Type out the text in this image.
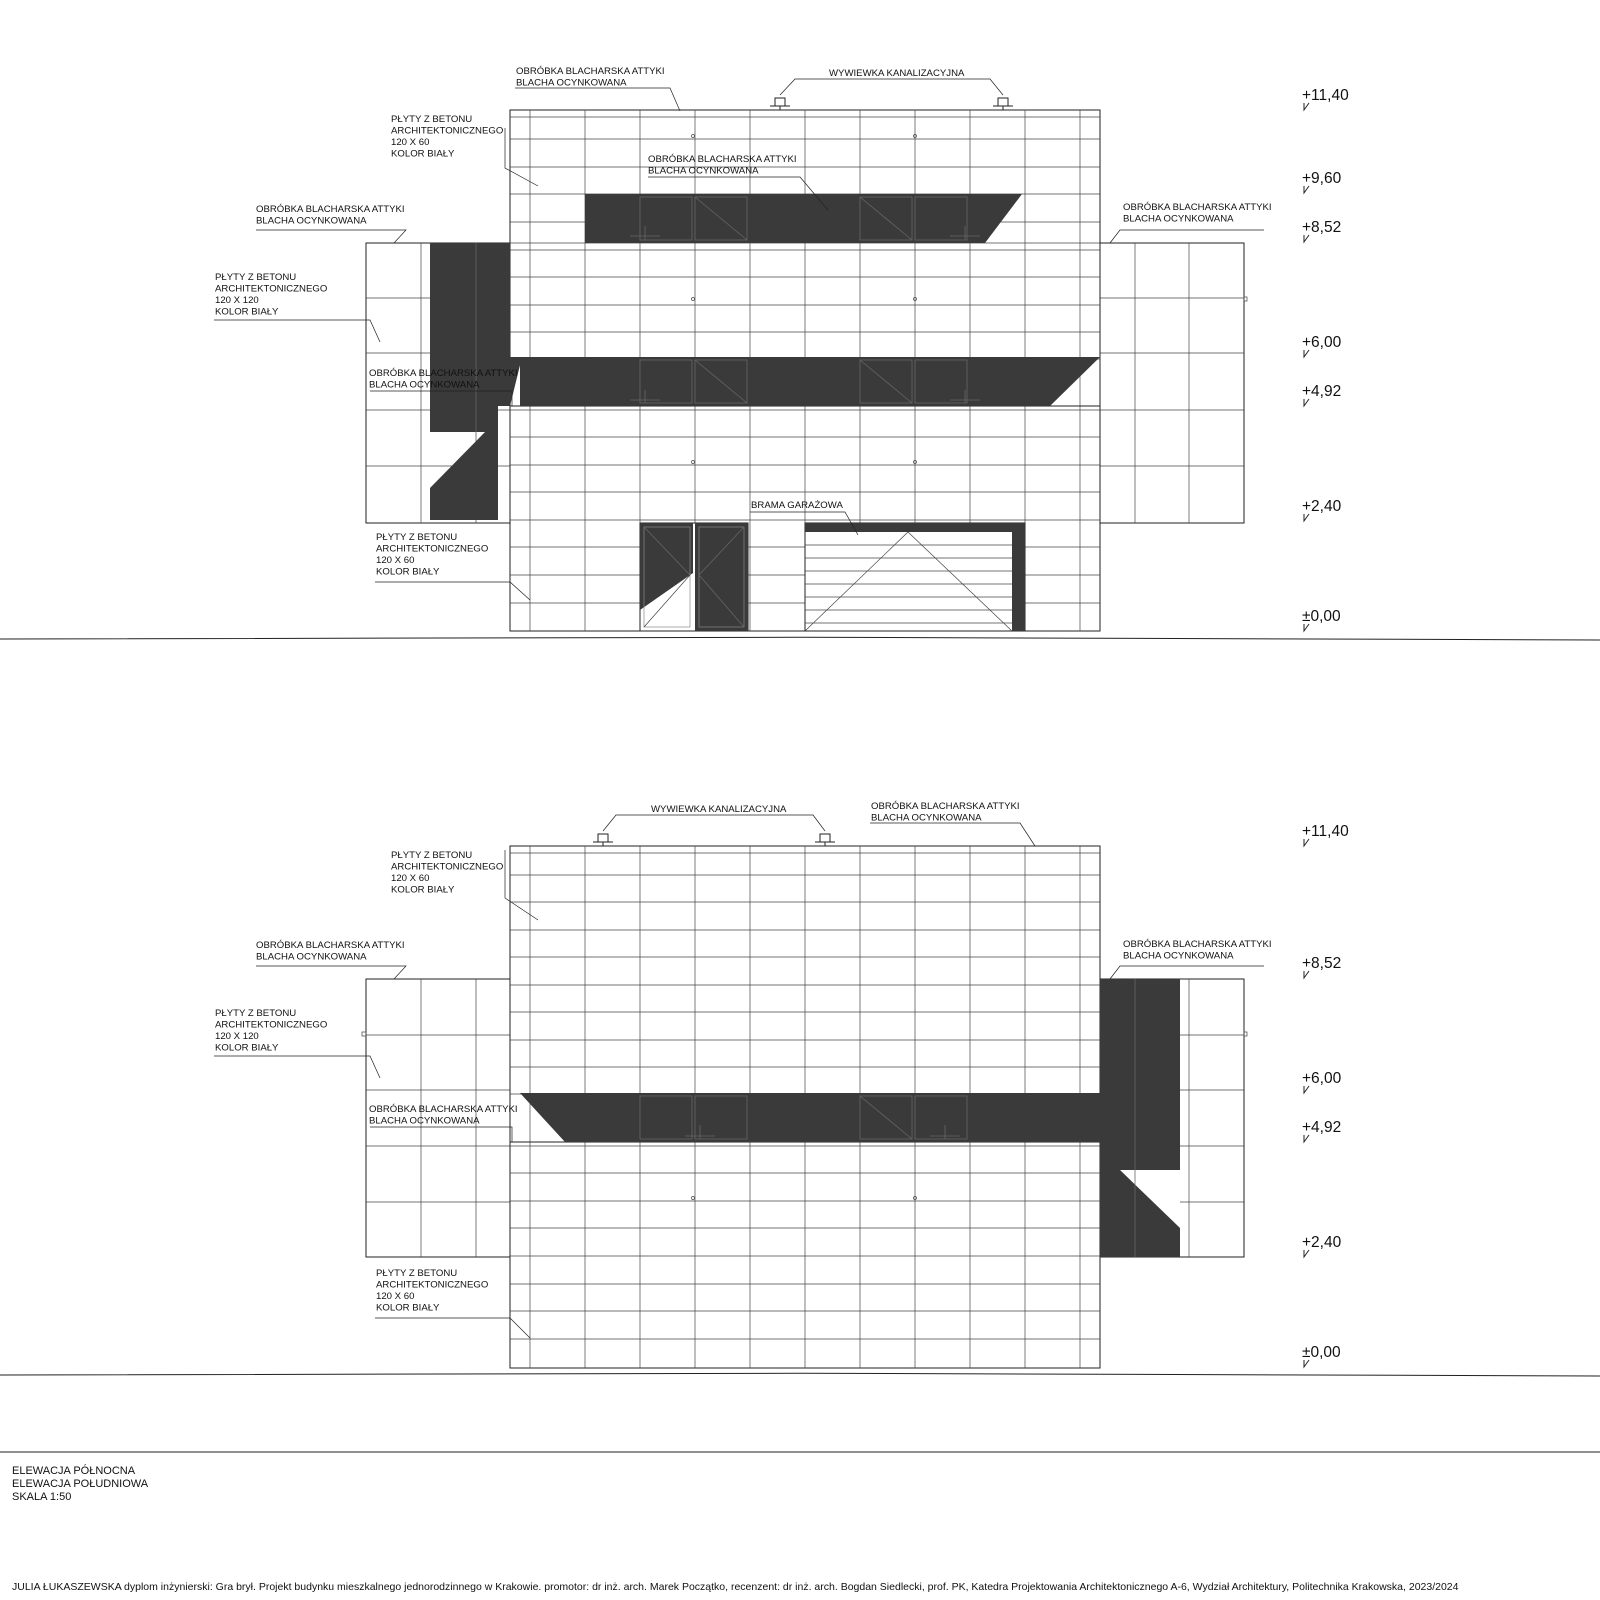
OBRÓBKA BLACHARSKA ATTYKI BLACHA OCYNKOWANA
WYWIEWKA KANALIZACYJNA
PŁYTY Z BETONU ARCHITEKTONICZNEGO 120 X 60 KOLOR BIAŁY	OBRÓBKA BLACHARSKA ATTYKI BLACHA OCYNKOWANA
OBRÓBKA BLACHARSKA ATTYKI BLACHA OCYNKOWANA
OBRÓBKA BLACHARSKA ATTYKI BLACHA OCYNKOWANA
PŁYTY Z BETONU ARCHITEKTONICZNEGO 120 X 120 KOLOR BIAŁY
OBRÓBKA BLACHARSKA ATTYKI BLACHA OCYNKOWANA
BRAMA GARAŻOWA
PŁYTY Z BETONU ARCHITEKTONICZNEGO 120 X 60 KOLOR BIAŁY
+11,40
+9,60
+8,52
+6,00
+4,92
+2,40
±0,00
WYWIEWKA KANALIZACYJNA	OBRÓBKA BLACHARSKA ATTYKI BLACHA OCYNKOWANA
PŁYTY Z BETONU ARCHITEKTONICZNEGO 120 X 60 KOLOR BIAŁY
OBRÓBKA BLACHARSKA ATTYKI BLACHA OCYNKOWANA
OBRÓBKA BLACHARSKA ATTYKI BLACHA OCYNKOWANA
PŁYTY Z BETONU ARCHITEKTONICZNEGO 120 X 120 KOLOR BIAŁY
OBRÓBKA BLACHARSKA ATTYKI BLACHA OCYNKOWANA
PŁYTY Z BETONU ARCHITEKTONICZNEGO 120 X 60 KOLOR BIAŁY
+11,40
+8,52
+6,00
+4,92
+2,40
±0,00
ELEWACJA PÓŁNOCNA
ELEWACJA POŁUDNIOWA
SKALA 1:50
JULIA ŁUKASZEWSKA dyplom inżynierski: Gra brył. Projekt budynku mieszkalnego jednorodzinnego w Krakowie. promotor: dr inż. arch. Marek Początko, recenzent: dr inż. arch. Bogdan Siedlecki, prof. PK, Katedra Projektowania Architektonicznego A-6, Wydział Architektury, Politechnika Krakowska, 2023/2024
